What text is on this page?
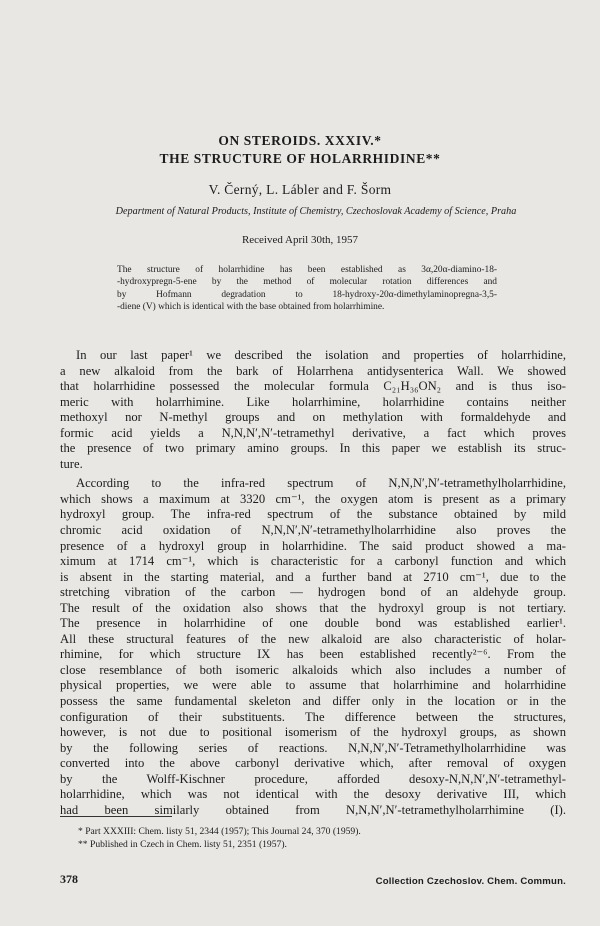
ON STEROIDS. XXXIV.*
THE STRUCTURE OF HOLARRHIDINE**
V. Černý, L. Lábler and F. Šorm
Department of Natural Products, Institute of Chemistry, Czechoslovak Academy of Science, Praha
Received April 30th, 1957
The structure of holarrhidine has been established as 3α,20α-diamino-18-
-hydroxypregn-5-ene by the method of molecular rotation differences and
by Hofmann degradation to 18-hydroxy-20α-dimethylaminopregna-3,5-
-diene (V) which is identical with the base obtained from holarrhimine.
In our last paper¹ we described the isolation and properties of holarrhidine,
a new alkaloid from the bark of Holarrhena antidysenterica Wall. We showed
that holarrhidine possessed the molecular formula C₂₁H₃₆ON₂ and is thus iso-
meric with holarrhimine. Like holarrhimine, holarrhidine contains neither
methoxyl nor N-methyl groups and on methylation with formaldehyde and
formic acid yields a N,N,N′,N′-tetramethyl derivative, a fact which proves
the presence of two primary amino groups. In this paper we establish its struc-
ture.
According to the infra-red spectrum of N,N,N′,N′-tetramethylholarrhidine,
which shows a maximum at 3320 cm⁻¹, the oxygen atom is present as a primary
hydroxyl group. The infra-red spectrum of the substance obtained by mild
chromic acid oxidation of N,N,N′,N′-tetramethylholarrhidine also proves the
presence of a hydroxyl group in holarrhidine. The said product showed a ma-
ximum at 1714 cm⁻¹, which is characteristic for a carbonyl function and which
is absent in the starting material, and a further band at 2710 cm⁻¹, due to the
stretching vibration of the carbon — hydrogen bond of an aldehyde group.
The result of the oxidation also shows that the hydroxyl group is not tertiary.
The presence in holarrhidine of one double bond was established earlier¹.
All these structural features of the new alkaloid are also characteristic of holar-
rhimine, for which structure IX has been established recently²⁻⁶. From the
close resemblance of both isomeric alkaloids which also includes a number of
physical properties, we were able to assume that holarrhimine and holarrhidine
possess the same fundamental skeleton and differ only in the location or in the
configuration of their substituents. The difference between the structures,
however, is not due to positional isomerism of the hydroxyl groups, as shown
by the following series of reactions. N,N,N′,N′-Tetramethylholarrhidine was
converted into the above carbonyl derivative which, after removal of oxygen
by the Wolff-Kischner procedure, afforded desoxy-N,N,N′,N′-tetramethyl-
holarrhidine, which was not identical with the desoxy derivative III, which
had been similarly obtained from N,N,N′,N′-tetramethylholarrhimine (I).
* Part XXXIII: Chem. listy 51, 2344 (1957); This Journal 24, 370 (1959).
** Published in Czech in Chem. listy 51, 2351 (1957).
378	Collection Czechoslov. Chem. Commun.
